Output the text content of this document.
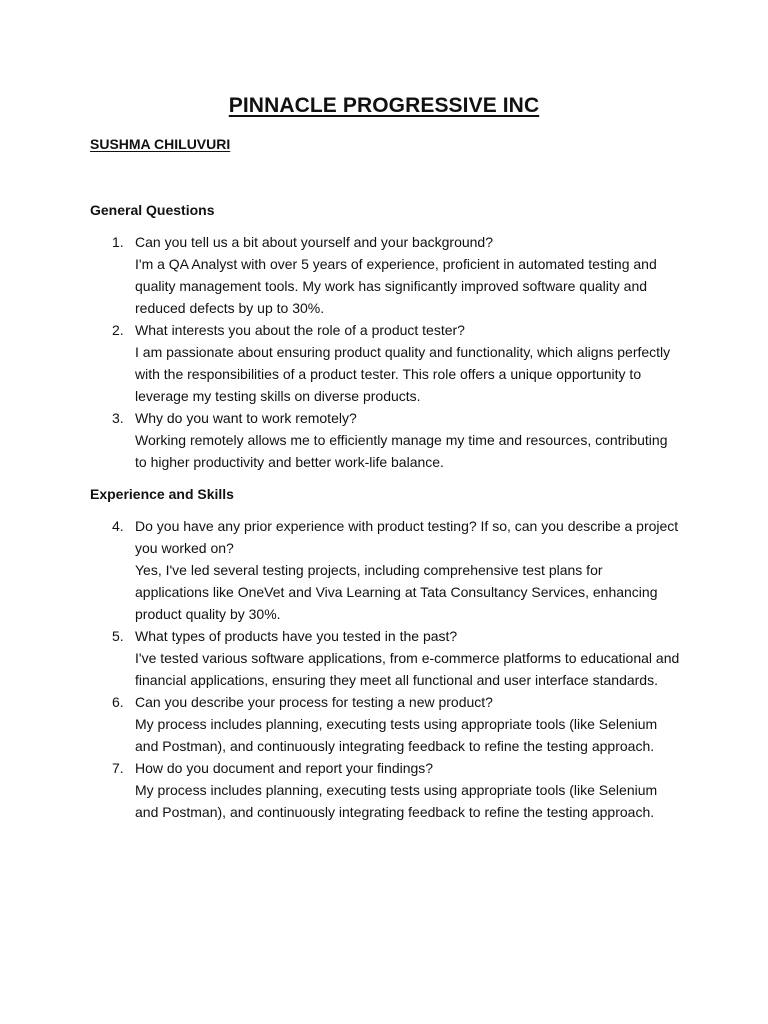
PINNACLE PROGRESSIVE INC

SUSHMA CHILUVURI

General Questions
1. Can you tell us a bit about yourself and your background?
I'm a QA Analyst with over 5 years of experience, proficient in automated testing and quality management tools. My work has significantly improved software quality and reduced defects by up to 30%.
2. What interests you about the role of a product tester?
I am passionate about ensuring product quality and functionality, which aligns perfectly with the responsibilities of a product tester. This role offers a unique opportunity to leverage my testing skills on diverse products.
3. Why do you want to work remotely?
Working remotely allows me to efficiently manage my time and resources, contributing to higher productivity and better work-life balance.
Experience and Skills
4. Do you have any prior experience with product testing? If so, can you describe a project you worked on?
Yes, I've led several testing projects, including comprehensive test plans for applications like OneVet and Viva Learning at Tata Consultancy Services, enhancing product quality by 30%.
5. What types of products have you tested in the past?
I've tested various software applications, from e-commerce platforms to educational and financial applications, ensuring they meet all functional and user interface standards.
6. Can you describe your process for testing a new product?
My process includes planning, executing tests using appropriate tools (like Selenium and Postman), and continuously integrating feedback to refine the testing approach.
7. How do you document and report your findings?
My process includes planning, executing tests using appropriate tools (like Selenium and Postman), and continuously integrating feedback to refine the testing approach.
